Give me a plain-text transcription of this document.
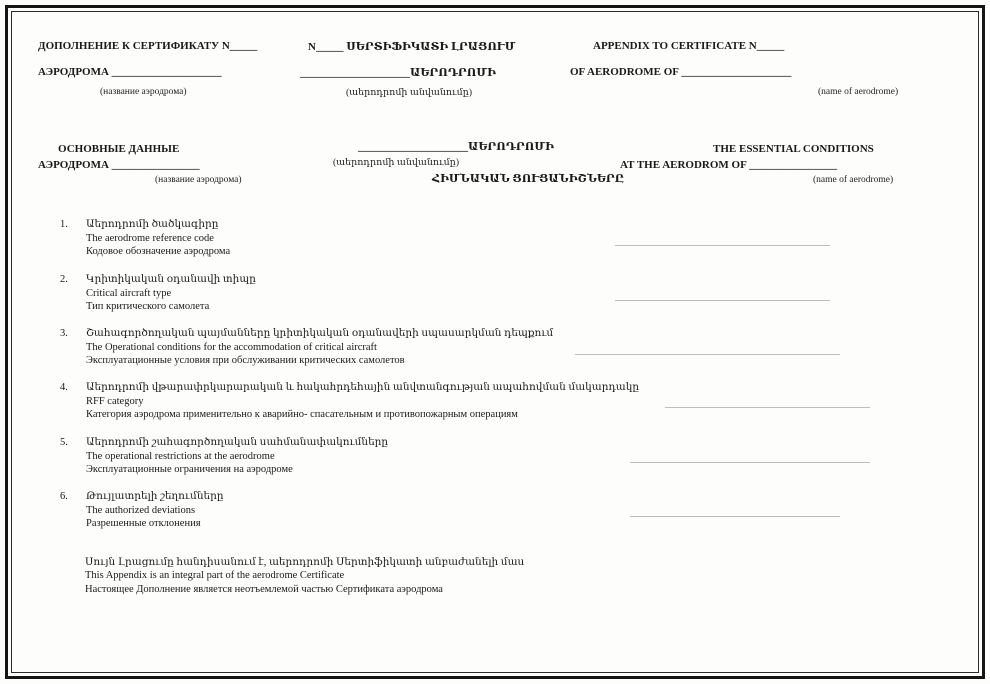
ДОПОЛНЕНИЕ К СЕРТИФИКАТУ N_____
АЭРОДРОМА ____________________
(название аэродрома)
N_____ ՍԵՐՏԻՖԻԿԱՏԻ ԼՐԱՑՈՒՄ
____________________ԱԵՐՈԴՐՈՄԻ
(աերոդրոմի անվանումը)
APPENDIX TO CERTIFICATE N_____
OF AERODROME OF ____________________
(name of aerodrome)
ОСНОВНЫЕ ДАННЫЕ
АЭРОДРОМА ________________
(название аэродрома)
____________________ԱԵՐՈԴՐՈՄԻ
(աերոդրոմի անվանումը)
ՀԻՄՆԱԿԱՆ ՑՈՒՑԱՆԻՇՆԵՐԸ
THE ESSENTIAL CONDITIONS
AT THE AERODROM OF ________________
(name of aerodrome)
1. Աերոդրոմի ծածկագիրը
The aerodrome reference code
Кодовое обозначение аэродрома
___________________________________________
2. Կրիտիկական օդանավի տիպը
Critical aircraft type
Тип критического самолета
___________________________________________
3. Շահագործողական պայմանները կրիտիկական օդանավերի սպասարկման դեպքում
The Operational conditions for the accommodation of critical aircraft
Эксплуатационные условия при обслуживании критических самолетов
_____________________________________________________
4. Աերոդրոմի վթարափրկարարական և հակահրդեհային անվտանգության ապահովման մակարդակը
RFF category
Категория аэродрома применительно к аварийно- спасательным и противопожарным операциям
_________________________________________
5. Աերոդրոմի շահագործողական սահմանափակումները
The operational restrictions at the aerodrome
Эксплуатационные ограничения на аэродроме
________________________________________________
6. Թույլատրելի շեղումները
The authorized deviations
Разрешенные отклонения
__________________________________________
Սույն Լրացումը հանդիսանում է, աերոդրոմի Սերտիֆիկատի անբաժանելի մաս
This Appendix is an integral part of the aerodrome Certificate
Настоящее Дополнение является неотъемлемой частью Сертификата аэродрома
